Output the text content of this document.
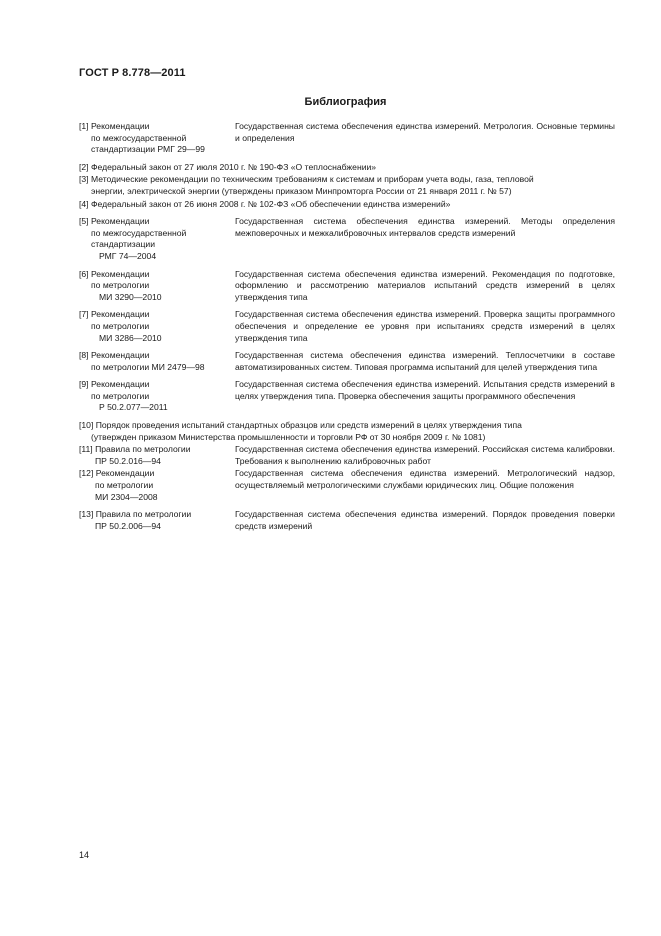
ГОСТ Р 8.778—2011
Библиография
[1] Рекомендации
по межгосударственной
стандартизации РМГ 29—99
Государственная система обеспечения единства измерений. Метрология. Основные термины и определения
[2] Федеральный закон от 27 июля 2010 г. № 190-ФЗ «О теплоснабжении»
[3] Методические рекомендации по техническим требованиям к системам и приборам учета воды, газа, тепловой
энергии, электрической энергии (утверждены приказом Минпромторга России от 21 января 2011 г. № 57)
[4] Федеральный закон от 26 июня 2008 г. № 102-ФЗ «Об обеспечении единства измерений»
[5] Рекомендации
по межгосударственной
стандартизации
РМГ 74—2004
Государственная система обеспечения единства измерений. Методы определения межповерочных и межкалибровочных интервалов средств измерений
[6] Рекомендации
по метрологии
МИ 3290—2010
Государственная система обеспечения единства измерений. Рекомендация по подготовке, оформлению и рассмотрению материалов испытаний средств измерений в целях утверждения типа
[7] Рекомендации
по метрологии
МИ 3286—2010
Государственная система обеспечения единства измерений. Проверка защиты программного обеспечения и определение ее уровня при испытаниях средств измерений в целях утверждения типа
[8] Рекомендации
по метрологии МИ 2479—98
Государственная система обеспечения единства измерений. Теплосчетчики в составе автоматизированных систем. Типовая программа испытаний для целей утверждения типа
[9] Рекомендации
по метрологии
Р 50.2.077—2011
Государственная система обеспечения единства измерений. Испытания средств измерений в целях утверждения типа. Проверка обеспечения защиты программного обеспечения
[10] Порядок проведения испытаний стандартных образцов или средств измерений в целях утверждения типа
(утвержден приказом Министерства промышленности и торговли РФ от 30 ноября 2009 г. № 1081)
[11] Правила по метрологии
ПР 50.2.016—94
Государственная система обеспечения единства измерений. Российская система калибровки. Требования к выполнению калибровочных работ
[12] Рекомендации
по метрологии
МИ 2304—2008
Государственная система обеспечения единства измерений. Метрологический надзор, осуществляемый метрологическими службами юридических лиц. Общие положения
[13] Правила по метрологии
ПР 50.2.006—94
Государственная система обеспечения единства измерений. Порядок проведения поверки средств измерений
14
